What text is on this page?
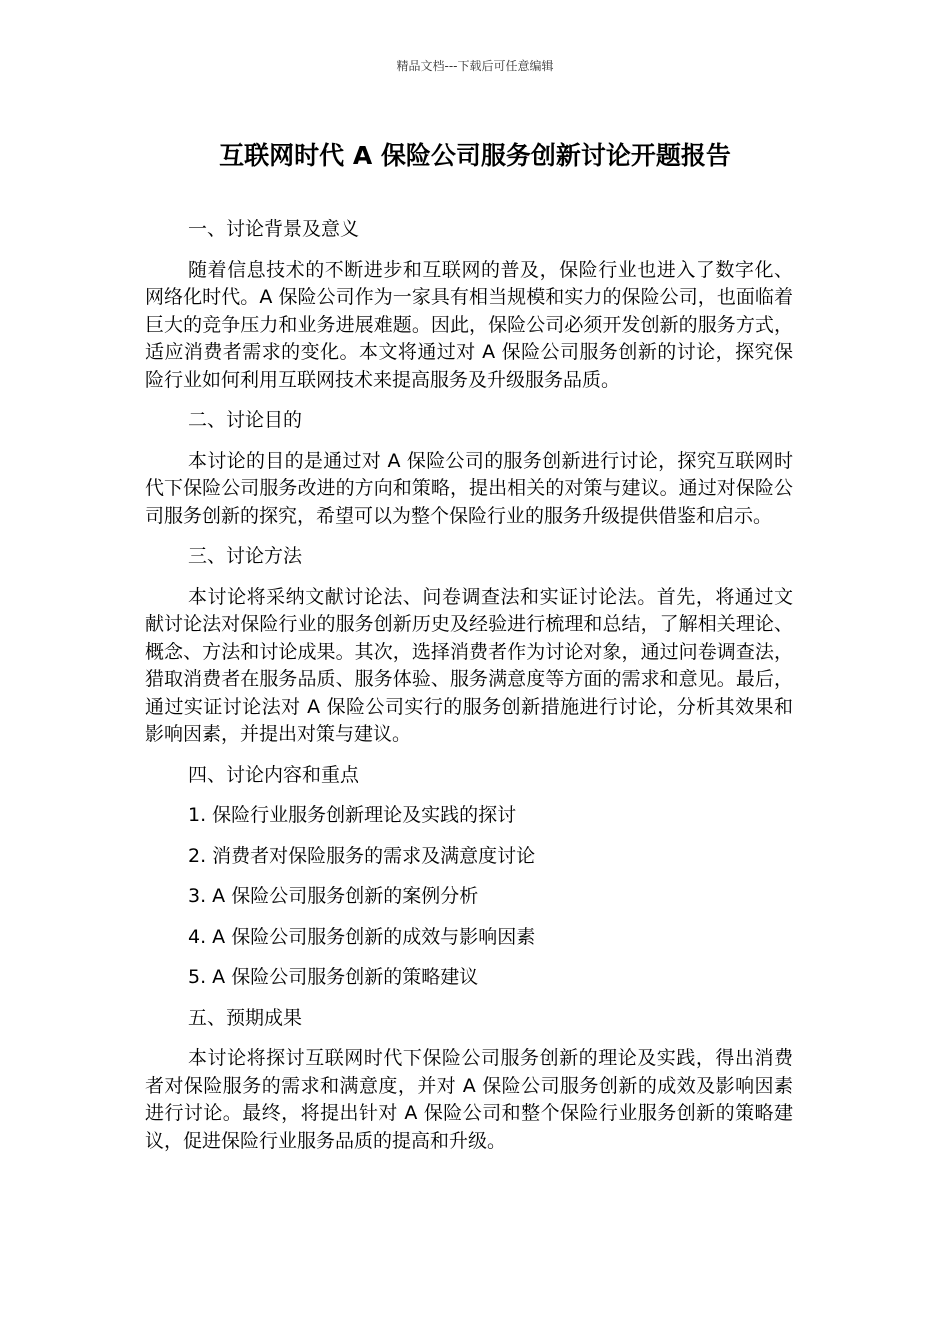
精品文档---下载后可任意编辑
互联网时代 A 保险公司服务创新讨论开题报告

一、讨论背景及意义

随着信息技术的不断进步和互联网的普及，保险行业也进入了数字化、网络化时代。A 保险公司作为一家具有相当规模和实力的保险公司，也面临着巨大的竞争压力和业务进展难题。因此，保险公司必须开发创新的服务方式，适应消费者需求的变化。本文将通过对 A 保险公司服务创新的讨论，探究保险行业如何利用互联网技术来提高服务及升级服务品质。

二、讨论目的

本讨论的目的是通过对 A 保险公司的服务创新进行讨论，探究互联网时代下保险公司服务改进的方向和策略，提出相关的对策与建议。通过对保险公司服务创新的探究，希望可以为整个保险行业的服务升级提供借鉴和启示。

三、讨论方法

本讨论将采纳文献讨论法、问卷调查法和实证讨论法。首先，将通过文献讨论法对保险行业的服务创新历史及经验进行梳理和总结，了解相关理论、概念、方法和讨论成果。其次，选择消费者作为讨论对象，通过问卷调查法，猎取消费者在服务品质、服务体验、服务满意度等方面的需求和意见。最后，通过实证讨论法对 A 保险公司实行的服务创新措施进行讨论，分析其效果和影响因素，并提出对策与建议。

四、讨论内容和重点

1. 保险行业服务创新理论及实践的探讨

2. 消费者对保险服务的需求及满意度讨论

3. A 保险公司服务创新的案例分析

4. A 保险公司服务创新的成效与影响因素

5. A 保险公司服务创新的策略建议

五、预期成果

本讨论将探讨互联网时代下保险公司服务创新的理论及实践，得出消费者对保险服务的需求和满意度，并对 A 保险公司服务创新的成效及影响因素进行讨论。最终，将提出针对 A 保险公司和整个保险行业服务创新的策略建议，促进保险行业服务品质的提高和升级。
